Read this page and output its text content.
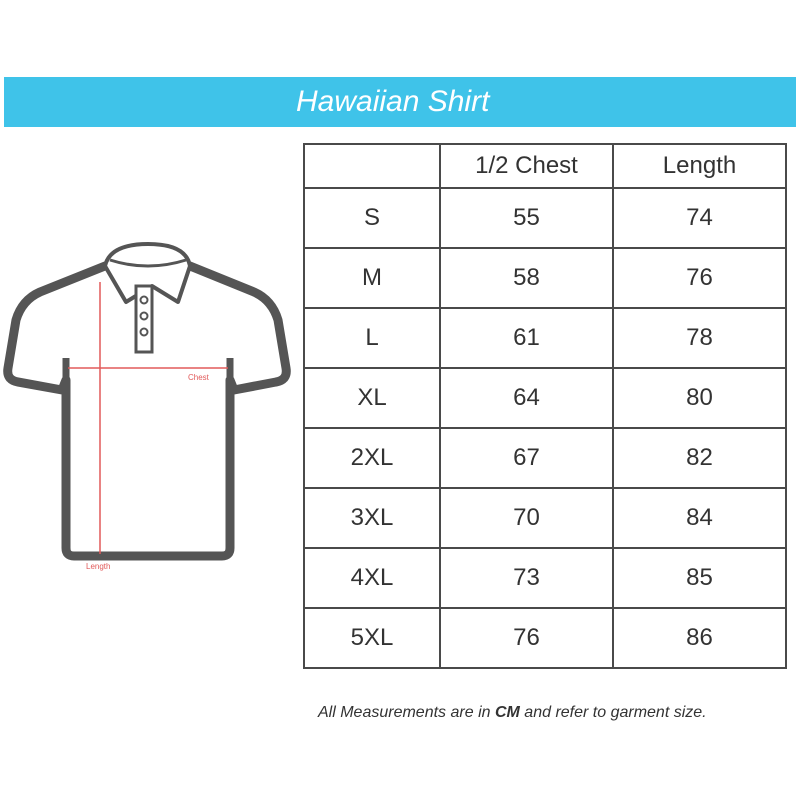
Hawaiian Shirt
Chest
Length
	1/2 Chest	Length
S	55	74
M	58	76
L	61	78
XL	64	80
2XL	67	82
3XL	70	84
4XL	73	85
5XL	76	86
All Measurements are in CM and refer to garment size.
